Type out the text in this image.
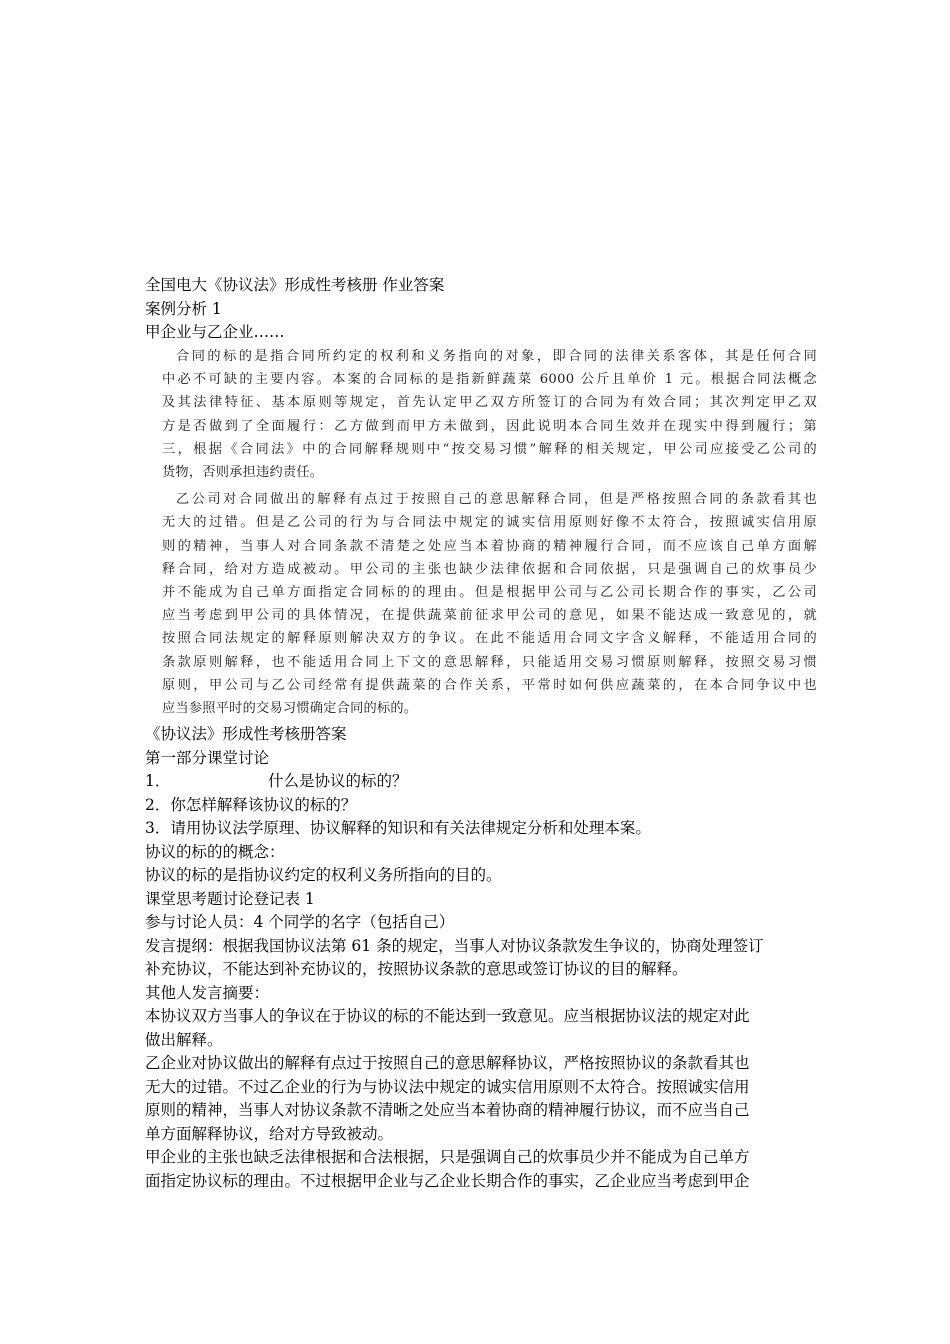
全国电大《协议法》形成性考核册 作业答案
案例分析 1
甲企业与乙企业……
合同的标的是指合同所约定的权利和义务指向的对象，即合同的法律关系客体，其是任何合同
中必不可缺的主要内容。本案的合同标的是指新鲜蔬菜 6000 公斤且单价 1 元。根据合同法概念
及其法律特征、基本原则等规定，首先认定甲乙双方所签订的合同为有效合同；其次判定甲乙双
方是否做到了全面履行：乙方做到而甲方未做到，因此说明本合同生效并在现实中得到履行；第
三，根据《合同法》中的合同解释规则中“按交易习惯”解释的相关规定，甲公司应接受乙公司的
货物，否则承担违约责任。
乙公司对合同做出的解释有点过于按照自己的意思解释合同，但是严格按照合同的条款看其也
无大的过错。但是乙公司的行为与合同法中规定的诚实信用原则好像不太符合，按照诚实信用原
则的精神，当事人对合同条款不清楚之处应当本着协商的精神履行合同，而不应该自己单方面解
释合同，给对方造成被动。甲公司的主张也缺少法律依据和合同依据，只是强调自己的炊事员少
并不能成为自己单方面指定合同标的的理由。但是根据甲公司与乙公司长期合作的事实，乙公司
应当考虑到甲公司的具体情况，在提供蔬菜前征求甲公司的意见，如果不能达成一致意见的，就
按照合同法规定的解释原则解决双方的争议。在此不能适用合同文字含义解释，不能适用合同的
条款原则解释，也不能适用合同上下文的意思解释，只能适用交易习惯原则解释，按照交易习惯
原则，甲公司与乙公司经常有提供蔬菜的合作关系，平常时如何供应蔬菜的，在本合同争议中也
应当参照平时的交易习惯确定合同的标的。
《协议法》形成性考核册答案
第一部分课堂讨论
1．	什么是协议的标的？
2．你怎样解释该协议的标的？
3．请用协议法学原理、协议解释的知识和有关法律规定分析和处理本案。
协议的标的的概念：
协议的标的是指协议约定的权利义务所指向的目的。
课堂思考题讨论登记表 1
参与讨论人员：4 个同学的名字（包括自己）
发言提纲：根据我国协议法第 61 条的规定，当事人对协议条款发生争议的，协商处理签订
补充协议，不能达到补充协议的，按照协议条款的意思或签订协议的目的解释。
其他人发言摘要：
本协议双方当事人的争议在于协议的标的不能达到一致意见。应当根据协议法的规定对此
做出解释。
乙企业对协议做出的解释有点过于按照自己的意思解释协议，严格按照协议的条款看其也
无大的过错。不过乙企业的行为与协议法中规定的诚实信用原则不太符合。按照诚实信用
原则的精神，当事人对协议条款不清晰之处应当本着协商的精神履行协议，而不应当自己
单方面解释协议，给对方导致被动。
甲企业的主张也缺乏法律根据和合法根据，只是强调自己的炊事员少并不能成为自己单方
面指定协议标的理由。不过根据甲企业与乙企业长期合作的事实，乙企业应当考虑到甲企
